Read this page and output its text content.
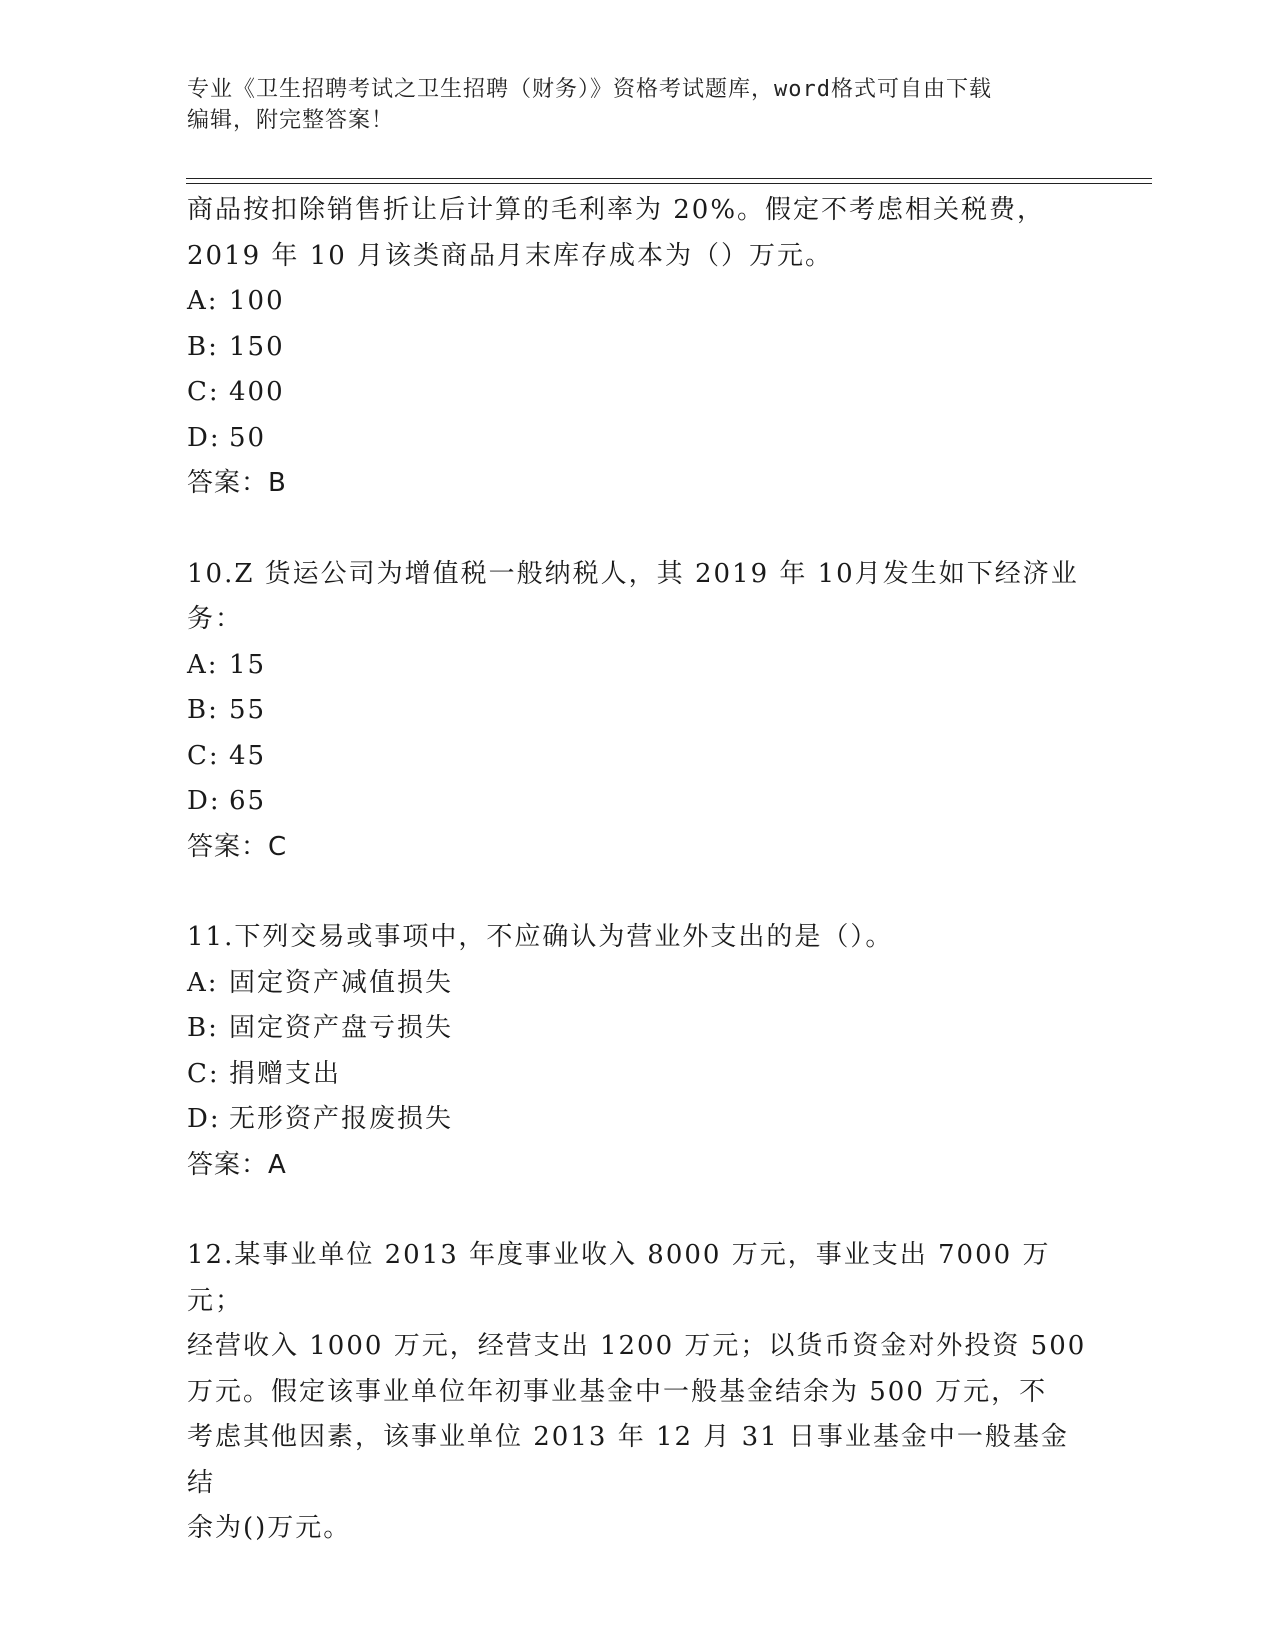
专业《卫生招聘考试之卫生招聘（财务）》资格考试题库，word格式可自由下载
编辑，附完整答案！

商品按扣除销售折让后计算的毛利率为 20%。假定不考虑相关税费，

2019 年 10 月该类商品月末库存成本为（）万元。

A: 100

B: 150

C: 400

D: 50

答案：B

10.Z 货运公司为增值税一般纳税人，其 2019 年 10月发生如下经济业

务：

A: 15

B: 55

C: 45

D: 65

答案：C

11.下列交易或事项中，不应确认为营业外支出的是（）。

A: 固定资产减值损失

B: 固定资产盘亏损失

C: 捐赠支出

D: 无形资产报废损失

答案：A

12.某事业单位 2013 年度事业收入 8000 万元，事业支出 7000 万元；

经营收入 1000 万元，经营支出 1200 万元；以货币资金对外投资 500

万元。假定该事业单位年初事业基金中一般基金结余为 500 万元，不

考虑其他因素，该事业单位 2013 年 12 月 31 日事业基金中一般基金结

余为()万元。
